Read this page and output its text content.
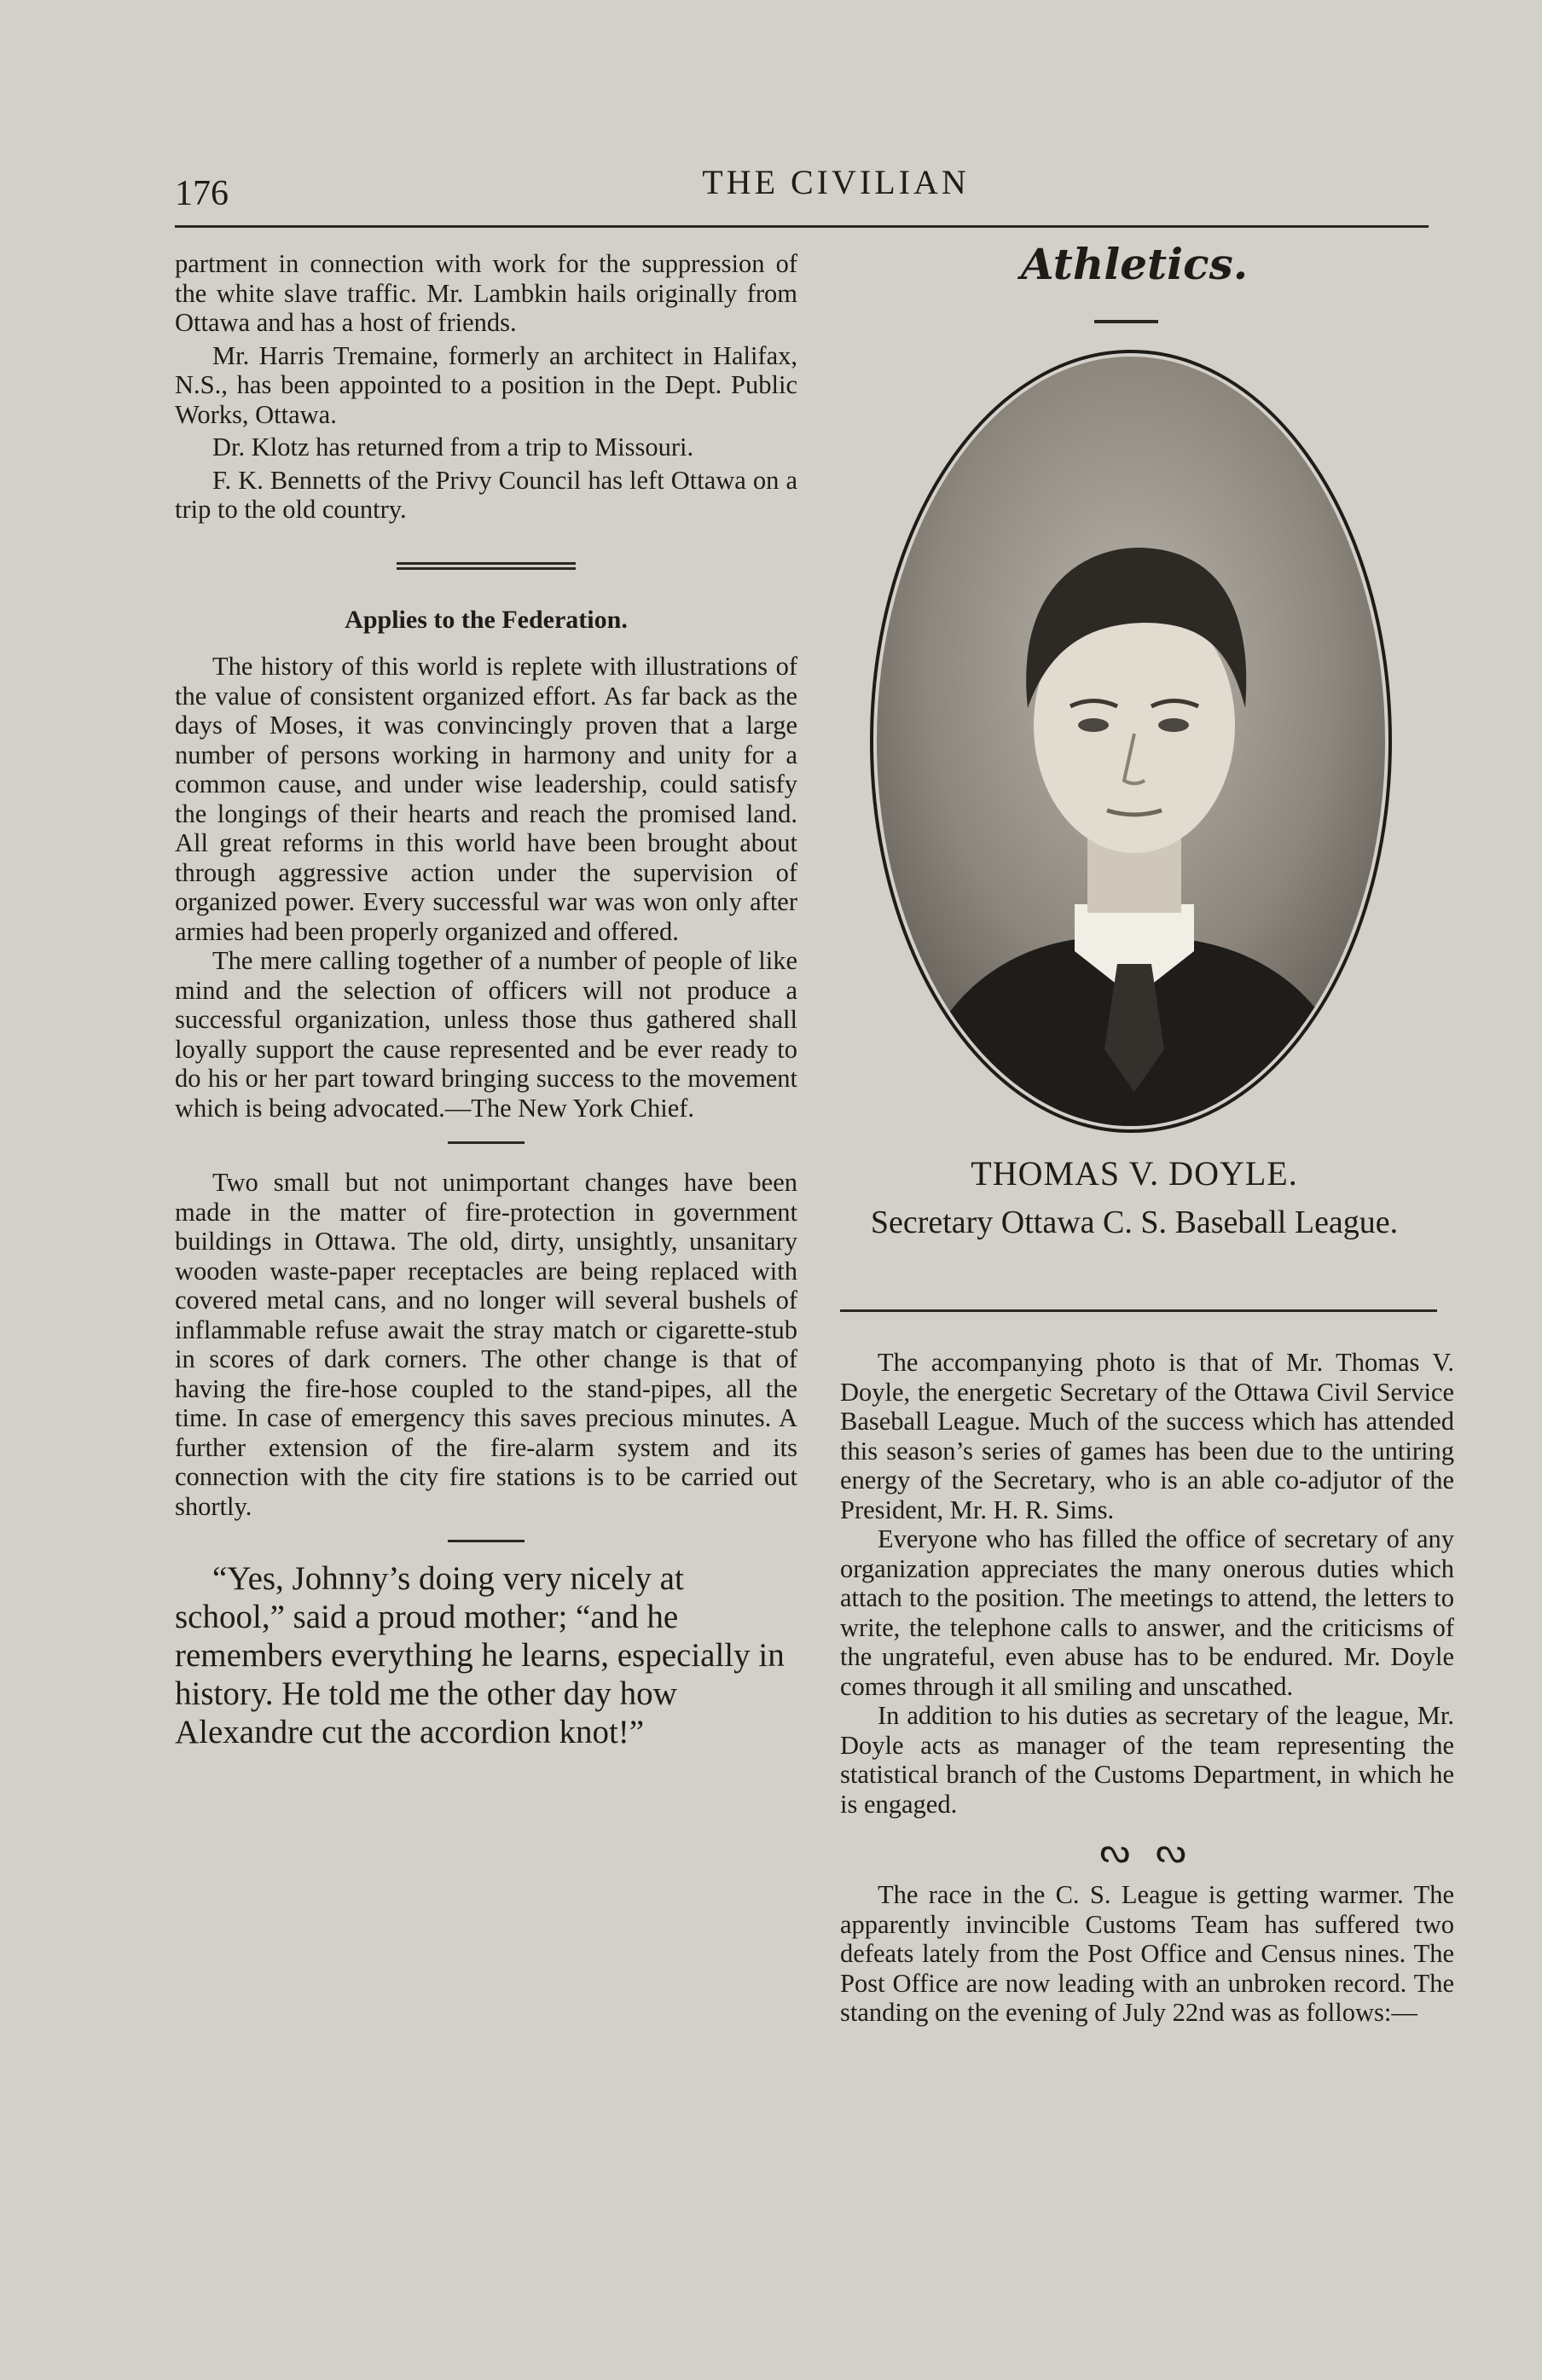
176	THE CIVILIAN

partment in connection with work for the suppression of the white slave traffic. Mr. Lambkin hails originally from Ottawa and has a host of friends.

Mr. Harris Tremaine, formerly an architect in Halifax, N.S., has been appointed to a position in the Dept. Public Works, Ottawa.

Dr. Klotz has returned from a trip to Missouri.

F. K. Bennetts of the Privy Council has left Ottawa on a trip to the old country.

Applies to the Federation.

The history of this world is replete with illustrations of the value of consistent organized effort. As far back as the days of Moses, it was convincingly proven that a large number of persons working in harmony and unity for a common cause, and under wise leadership, could satisfy the longings of their hearts and reach the promised land. All great reforms in this world have been brought about through aggressive action under the supervision of organized power. Every successful war was won only after armies had been properly organized and offered.

The mere calling together of a number of people of like mind and the selection of officers will not produce a successful organization, unless those thus gathered shall loyally support the cause represented and be ever ready to do his or her part toward bringing success to the movement which is being advocated.—The New York Chief.

Two small but not unimportant changes have been made in the matter of fire-protection in government buildings in Ottawa. The old, dirty, unsightly, unsanitary wooden waste-paper receptacles are being replaced with covered metal cans, and no longer will several bushels of inflammable refuse await the stray match or cigarette-stub in scores of dark corners. The other change is that of having the fire-hose coupled to the stand-pipes, all the time. In case of emergency this saves precious minutes. A further extension of the fire-alarm system and its connection with the city fire stations is to be carried out shortly.

“Yes, Johnny’s doing very nicely at school,” said a proud mother; “and he remembers everything he learns, especially in history. He told me the other day how Alexandre cut the accordion knot!”

Athletics.
THOMAS V. DOYLE.
Secretary Ottawa C. S. Baseball League.

The accompanying photo is that of Mr. Thomas V. Doyle, the energetic Secretary of the Ottawa Civil Service Baseball League. Much of the success which has attended this season’s series of games has been due to the untiring energy of the Secretary, who is an able co-adjutor of the President, Mr. H. R. Sims.

Everyone who has filled the office of secretary of any organization appreciates the many onerous duties which attach to the position. The meetings to attend, the letters to write, the telephone calls to answer, and the criticisms of the ungrateful, even abuse has to be endured. Mr. Doyle comes through it all smiling and unscathed.

In addition to his duties as secretary of the league, Mr. Doyle acts as manager of the team representing the statistical branch of the Customs Department, in which he is engaged.

ᔓ ᔓ

The race in the C. S. League is getting warmer. The apparently invincible Customs Team has suffered two defeats lately from the Post Office and Census nines. The Post Office are now leading with an unbroken record. The standing on the evening of July 22nd was as follows:—
